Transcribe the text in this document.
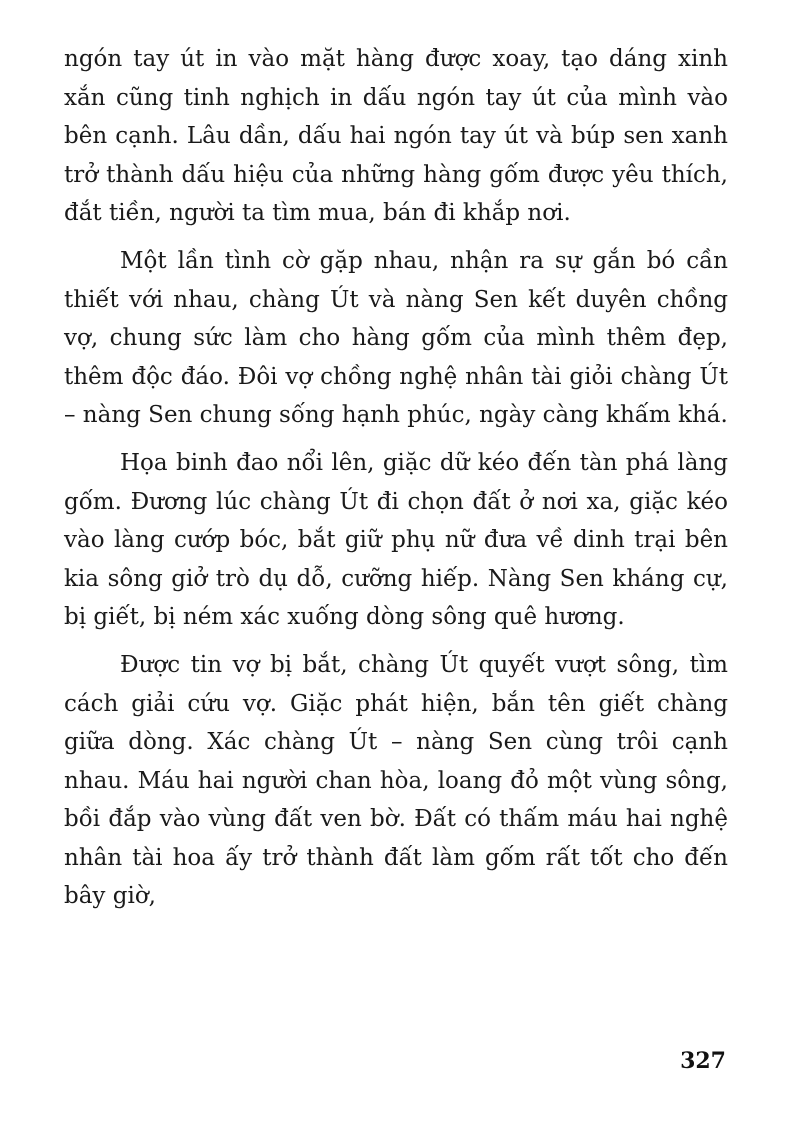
ngón tay út in vào mặt hàng được xoay, tạo dáng xinh xắn cũng tinh nghịch in dấu ngón tay út của mình vào bên cạnh. Lâu dần, dấu hai ngón tay út và búp sen xanh trở thành dấu hiệu của những hàng gốm được yêu thích, đắt tiền, người ta tìm mua, bán đi khắp nơi.

Một lần tình cờ gặp nhau, nhận ra sự gắn bó cần thiết với nhau, chàng Út và nàng Sen kết duyên chồng vợ, chung sức làm cho hàng gốm của mình thêm đẹp, thêm độc đáo. Đôi vợ chồng nghệ nhân tài giỏi chàng Út – nàng Sen chung sống hạnh phúc, ngày càng khấm khá.

Họa binh đao nổi lên, giặc dữ kéo đến tàn phá làng gốm. Đương lúc chàng Út đi chọn đất ở nơi xa, giặc kéo vào làng cướp bóc, bắt giữ phụ nữ đưa về dinh trại bên kia sông giở trò dụ dỗ, cưỡng hiếp. Nàng Sen kháng cự, bị giết, bị ném xác xuống dòng sông quê hương.

Được tin vợ bị bắt, chàng Út quyết vượt sông, tìm cách giải cứu vợ. Giặc phát hiện, bắn tên giết chàng giữa dòng. Xác chàng Út – nàng Sen cùng trôi cạnh nhau. Máu hai người chan hòa, loang đỏ một vùng sông, bồi đắp vào vùng đất ven bờ. Đất có thấm máu hai nghệ nhân tài hoa ấy trở thành đất làm gốm rất tốt cho đến bây giờ,

327
